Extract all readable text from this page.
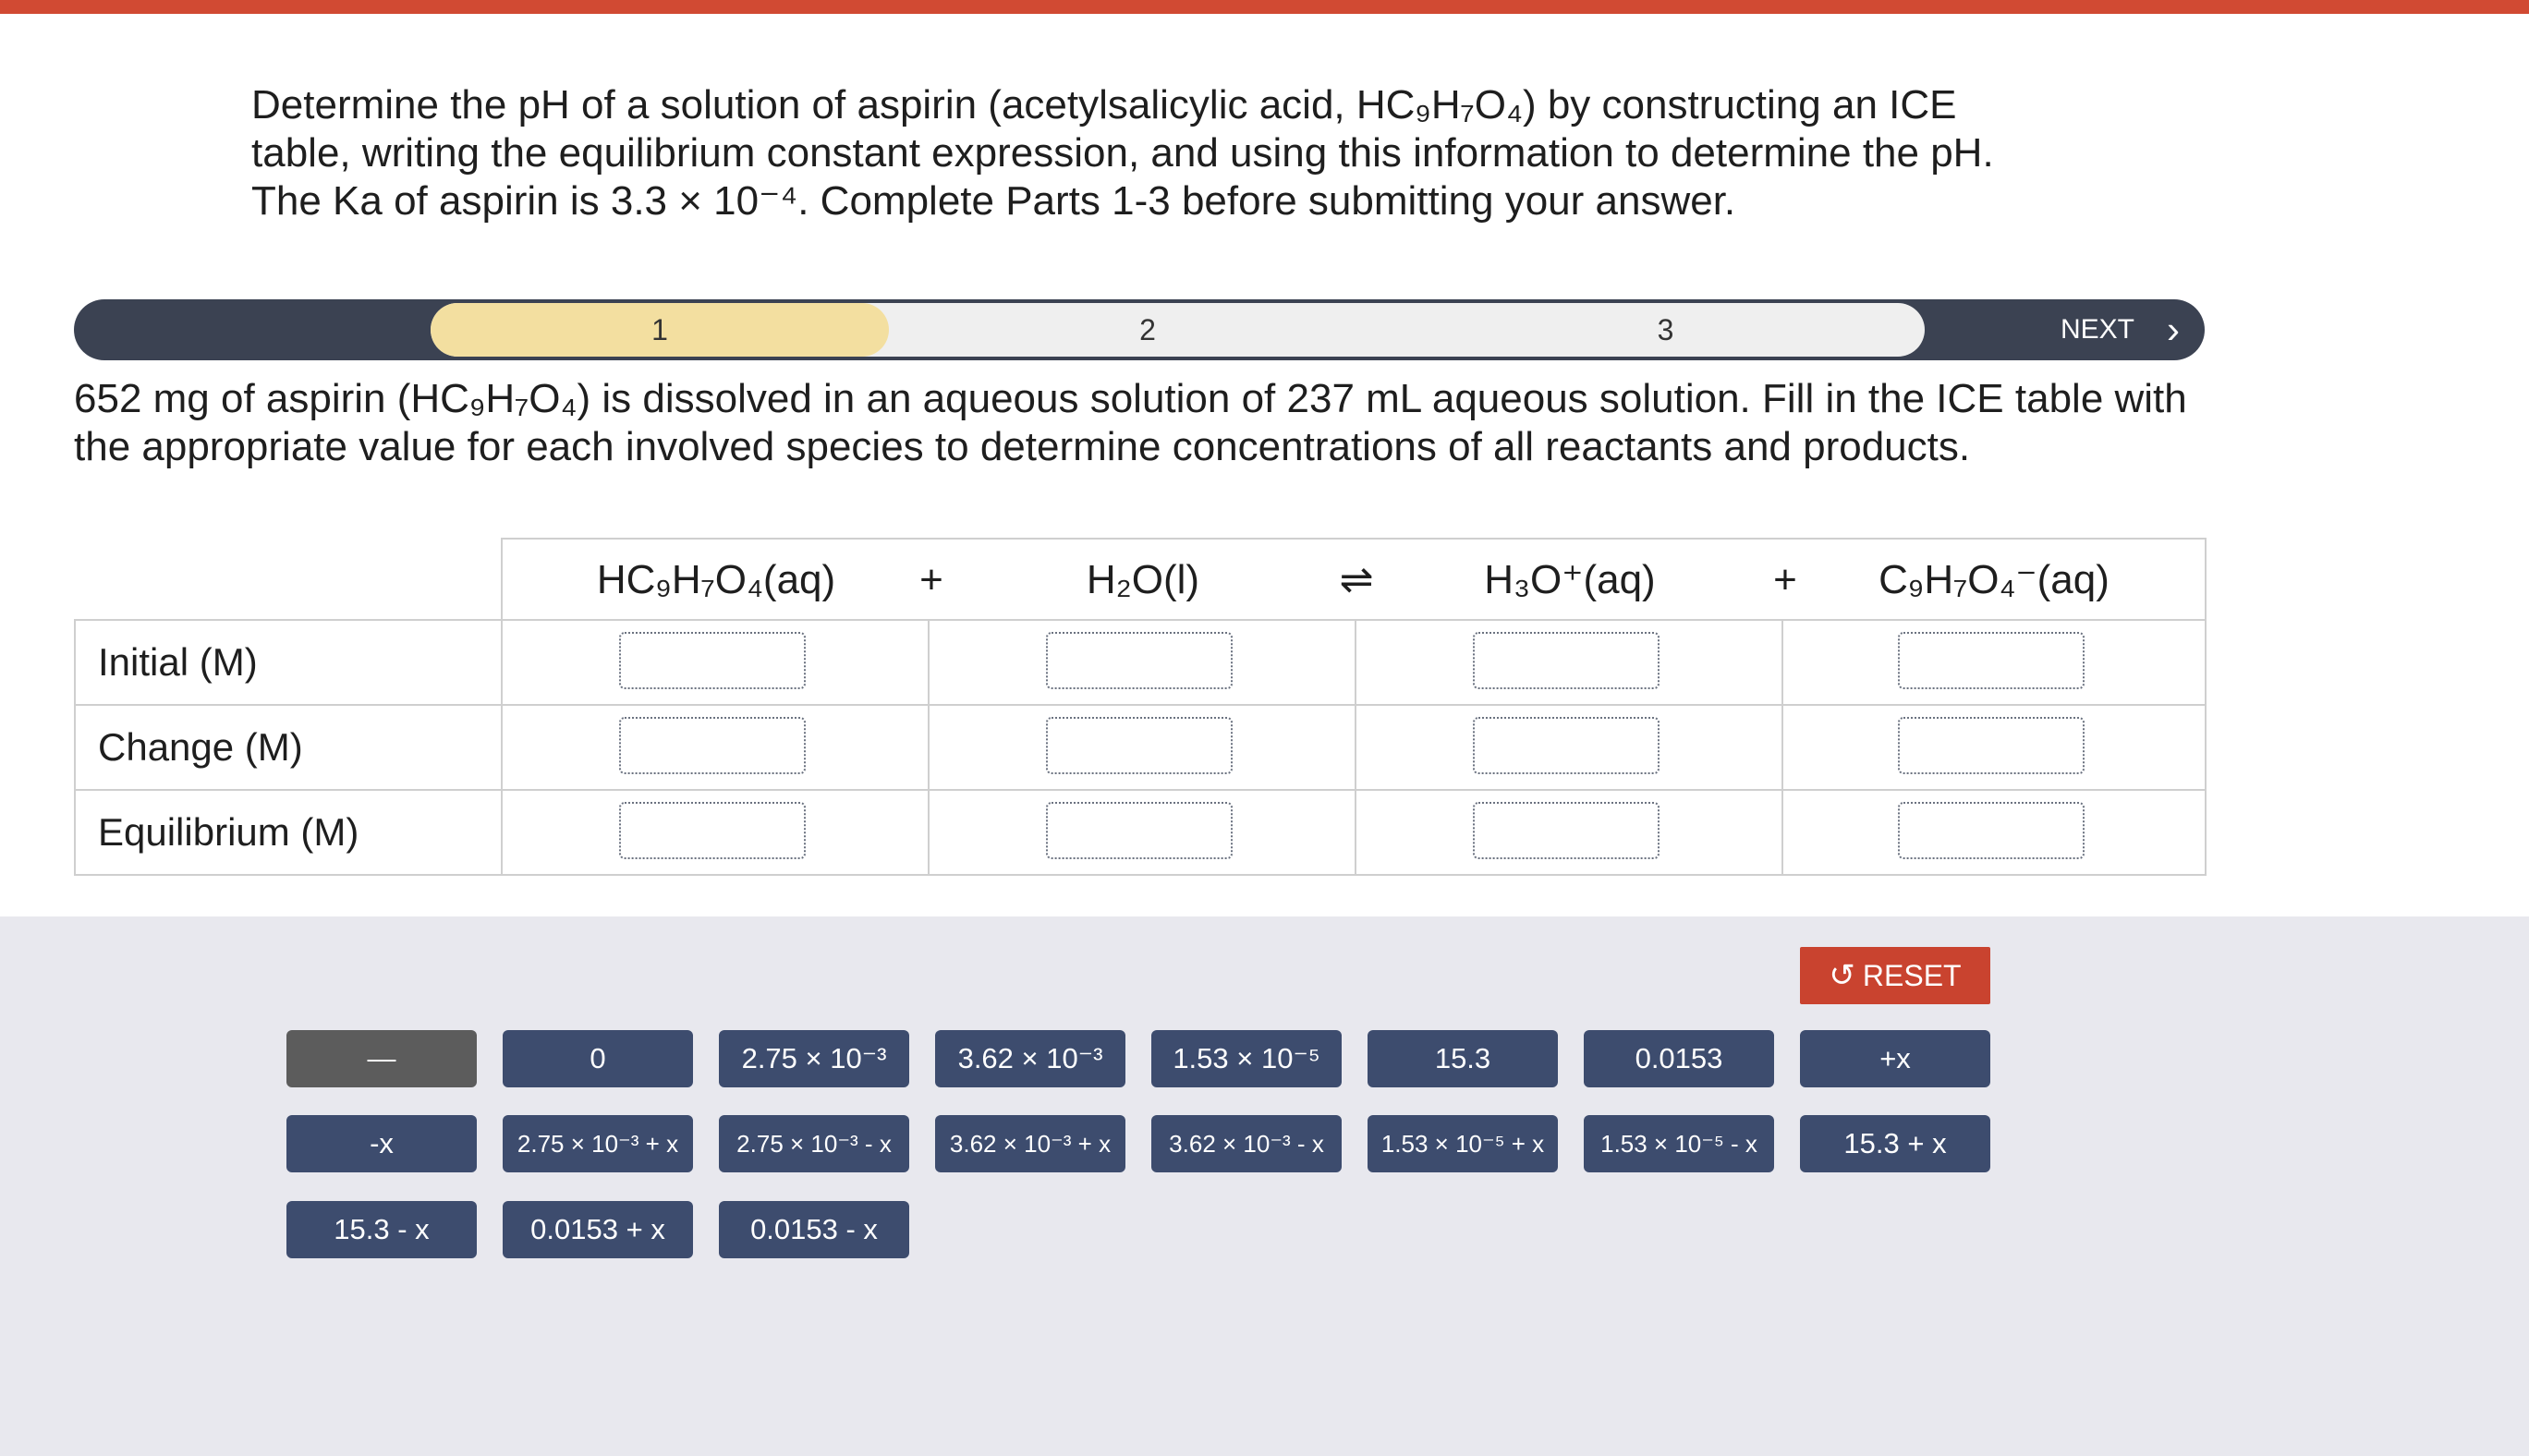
Determine the pH of a solution of aspirin (acetylsalicylic acid, HC₉H₇O₄) by constructing an ICE table, writing the equilibrium constant expression, and using this information to determine the pH. The Ka of aspirin is 3.3 × 10⁻⁴. Complete Parts 1-3 before submitting your answer.

1	2	3	NEXT ›

652 mg of aspirin (HC₉H₇O₄) is dissolved in an aqueous solution of 237 mL aqueous solution. Fill in the ICE table with the appropriate value for each involved species to determine concentrations of all reactants and products.

HC₉H₇O₄(aq)	+	H₂O(l)	⇌	H₃O⁺(aq)	+	C₉H₇O₄⁻(aq)
Initial (M)
Change (M)
Equilibrium (M)
↺ RESET
—	0	2.75 × 10⁻³	3.62 × 10⁻³	1.53 × 10⁻⁵	15.3	0.0153	+x
-x	2.75 × 10⁻³ + x	2.75 × 10⁻³ - x	3.62 × 10⁻³ + x	3.62 × 10⁻³ - x	1.53 × 10⁻⁵ + x	1.53 × 10⁻⁵ - x	15.3 + x
15.3 - x	0.0153 + x	0.0153 - x
